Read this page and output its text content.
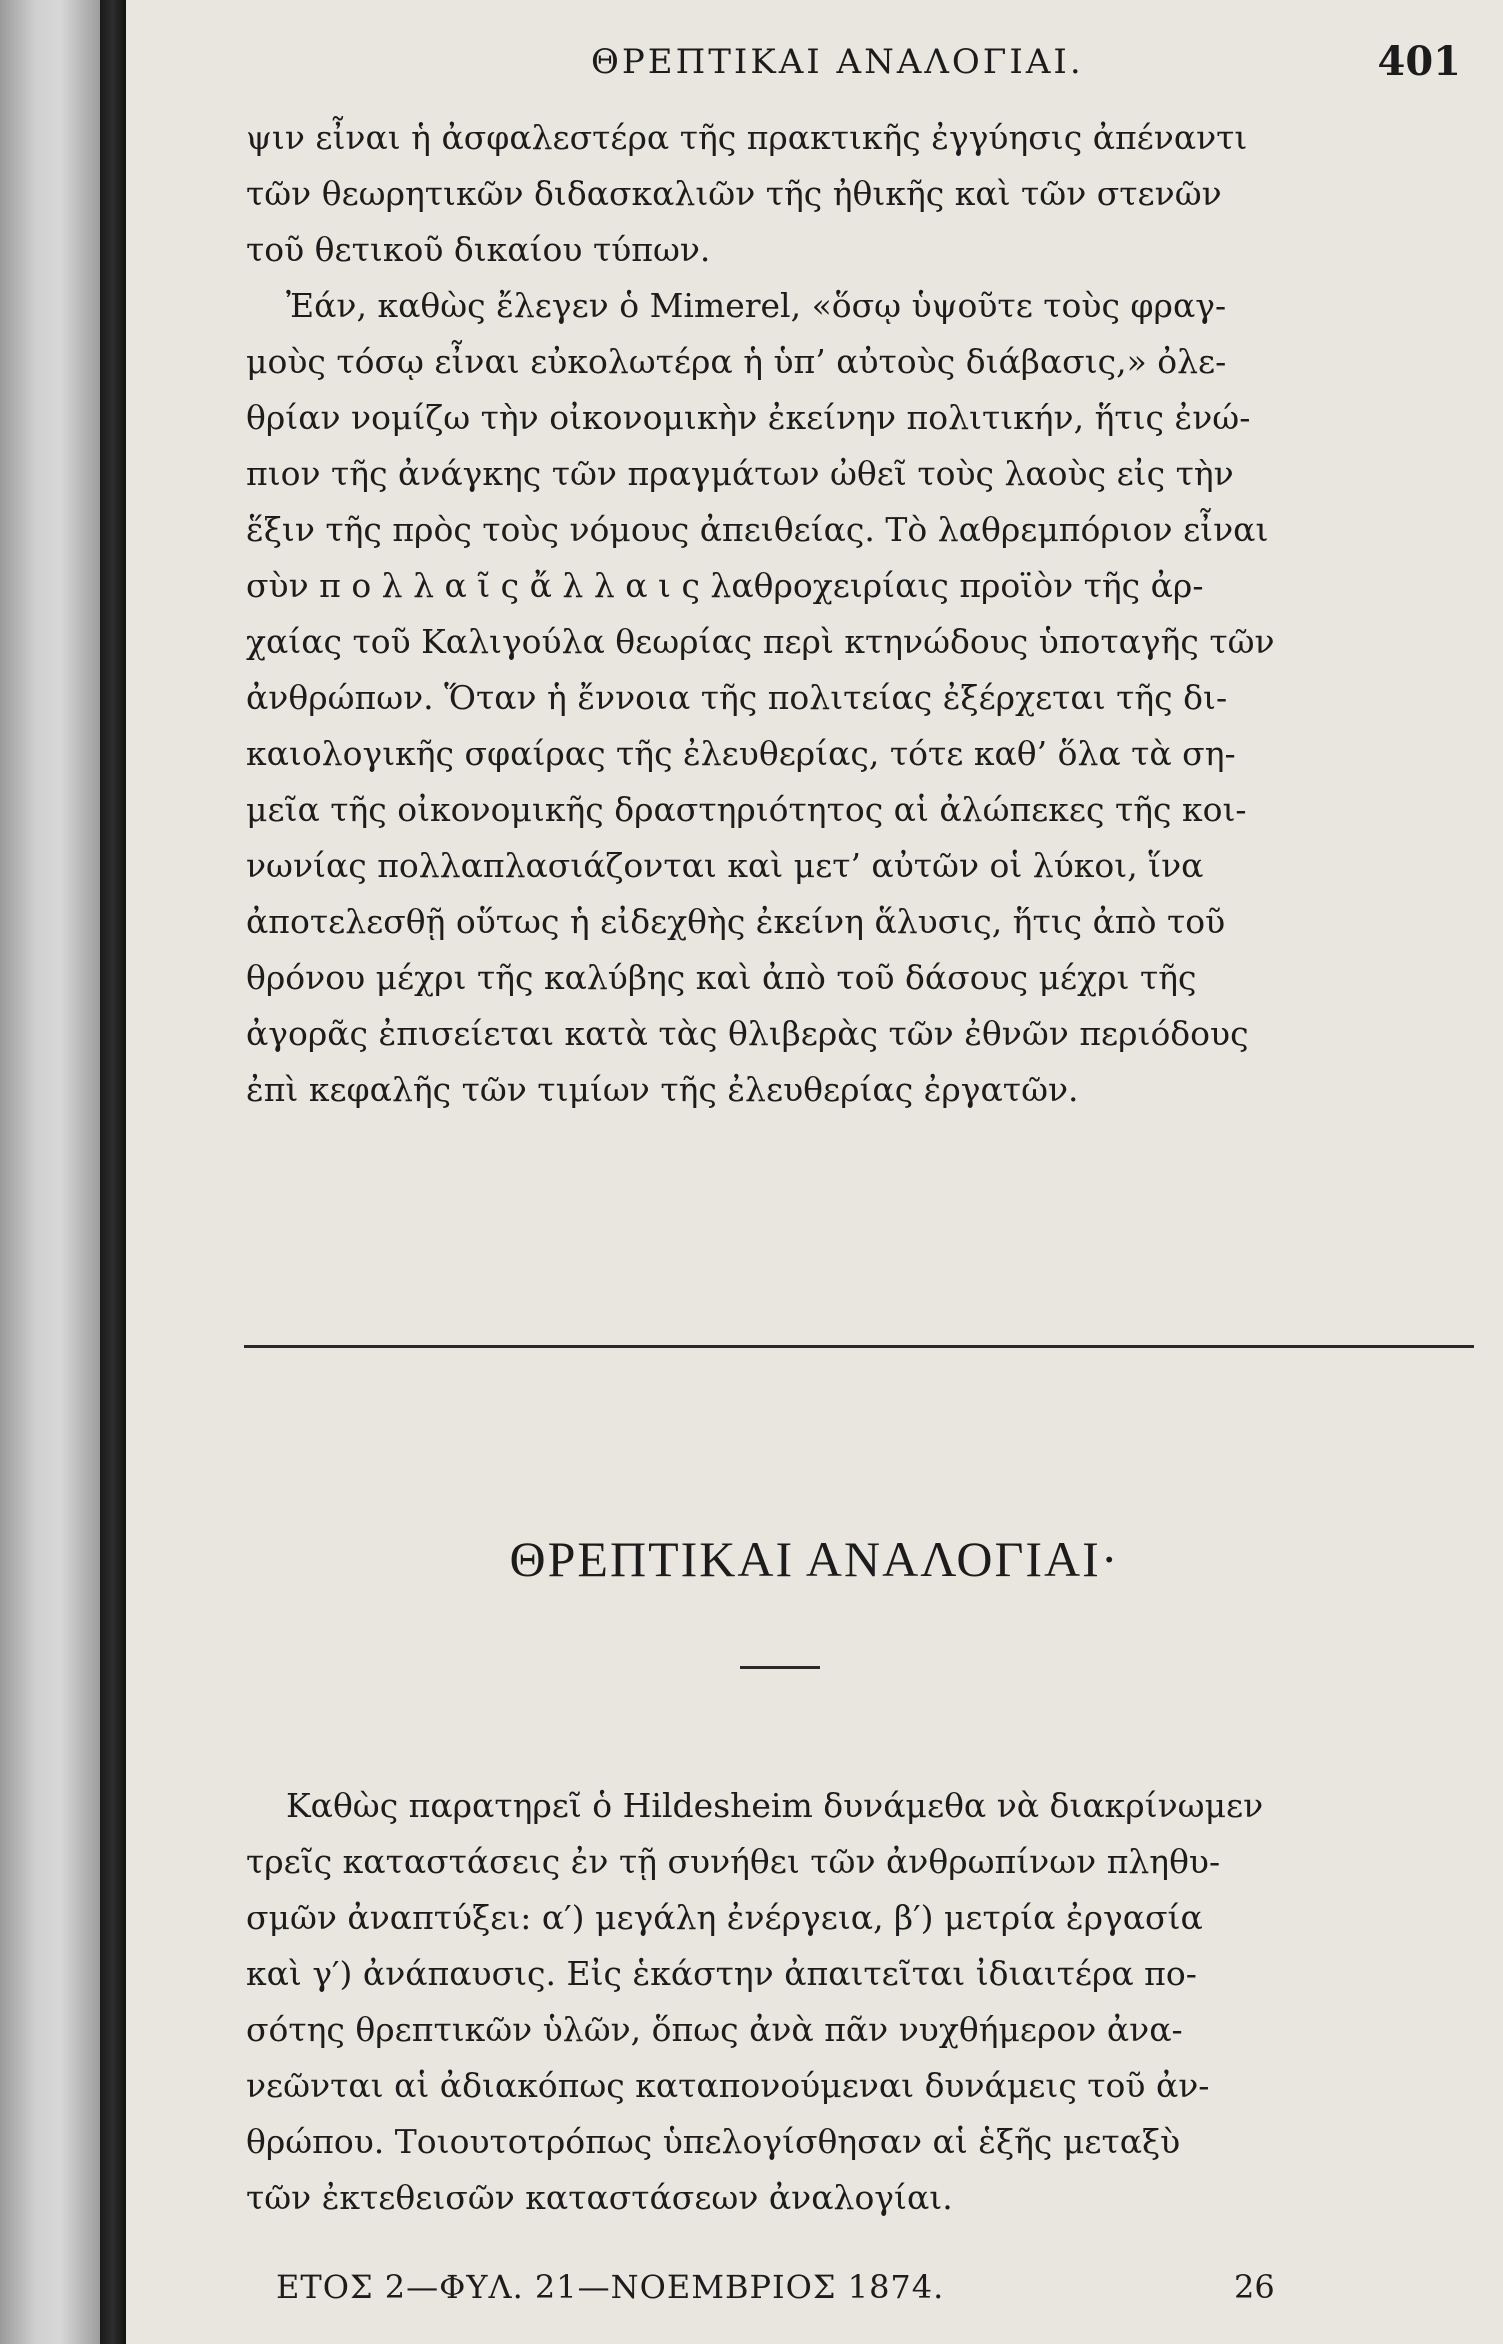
ΘΡΕΠΤΙΚΑΙ ΑΝΑΛΟΓΙΑΙ.	401
ψιν εἶναι ἡ ἀσφαλεστέρα τῆς πρακτικῆς ἐγγύησις ἀπέναντι
τῶν θεωρητικῶν διδασκαλιῶν τῆς ἠθικῆς καὶ τῶν στενῶν
τοῦ θετικοῦ δικαίου τύπων.
Ἐάν, καθὼς ἔλεγεν ὁ Mimerel, «ὅσῳ ὑψοῦτε τοὺς φραγ-
μοὺς τόσῳ εἶναι εὐκολωτέρα ἡ ὑπ’ αὐτοὺς διάβασις,» ὀλε-
θρίαν νομίζω τὴν οἰκονομικὴν ἐκείνην πολιτικήν, ἥτις ἐνώ-
πιον τῆς ἀνάγκης τῶν πραγμάτων ὠθεῖ τοὺς λαοὺς εἰς τὴν
ἕξιν τῆς πρὸς τοὺς νόμους ἀπειθείας. Τὸ λαθρεμπόριον εἶναι
σὺν π ο λ λ α ῖ ς ἄ λ λ α ι ς λαθροχειρίαις προϊὸν τῆς ἀρ-
χαίας τοῦ Καλιγούλα θεωρίας περὶ κτηνώδους ὑποταγῆς τῶν
ἀνθρώπων. Ὅταν ἡ ἔννοια τῆς πολιτείας ἐξέρχεται τῆς δι-
καιολογικῆς σφαίρας τῆς ἐλευθερίας, τότε καθ’ ὅλα τὰ ση-
μεῖα τῆς οἰκονομικῆς δραστηριότητος αἱ ἀλώπεκες τῆς κοι-
νωνίας πολλαπλασιάζονται καὶ μετ’ αὐτῶν οἱ λύκοι, ἵνα
ἀποτελεσθῇ οὕτως ἡ εἰδεχθὴς ἐκείνη ἅλυσις, ἥτις ἀπὸ τοῦ
θρόνου μέχρι τῆς καλύβης καὶ ἀπὸ τοῦ δάσους μέχρι τῆς
ἀγορᾶς ἐπισείεται κατὰ τὰς θλιβερὰς τῶν ἐθνῶν περιόδους
ἐπὶ κεφαλῆς τῶν τιμίων τῆς ἐλευθερίας ἐργατῶν.
ΘΡΕΠΤΙΚΑΙ ΑΝΑΛΟΓΙΑΙ·
Καθὼς παρατηρεῖ ὁ Hildesheim δυνάμεθα νὰ διακρίνωμεν
τρεῖς καταστάσεις ἐν τῇ συνήθει τῶν ἀνθρωπίνων πληθυ-
σμῶν ἀναπτύξει: α′) μεγάλη ἐνέργεια, β′) μετρία ἐργασία
καὶ γ′) ἀνάπαυσις. Εἰς ἑκάστην ἀπαιτεῖται ἰδιαιτέρα πο-
σότης θρεπτικῶν ὑλῶν, ὅπως ἀνὰ πᾶν νυχθήμερον ἀνα-
νεῶνται αἱ ἀδιακόπως καταπονούμεναι δυνάμεις τοῦ ἀν-
θρώπου. Τοιουτοτρόπως ὑπελογίσθησαν αἱ ἑξῆς μεταξὺ
τῶν ἐκτεθεισῶν καταστάσεων ἀναλογίαι.
ΕΤΟΣ 2—ΦΥΛ. 21—ΝΟΕΜΒΡΙΟΣ 1874.	26
